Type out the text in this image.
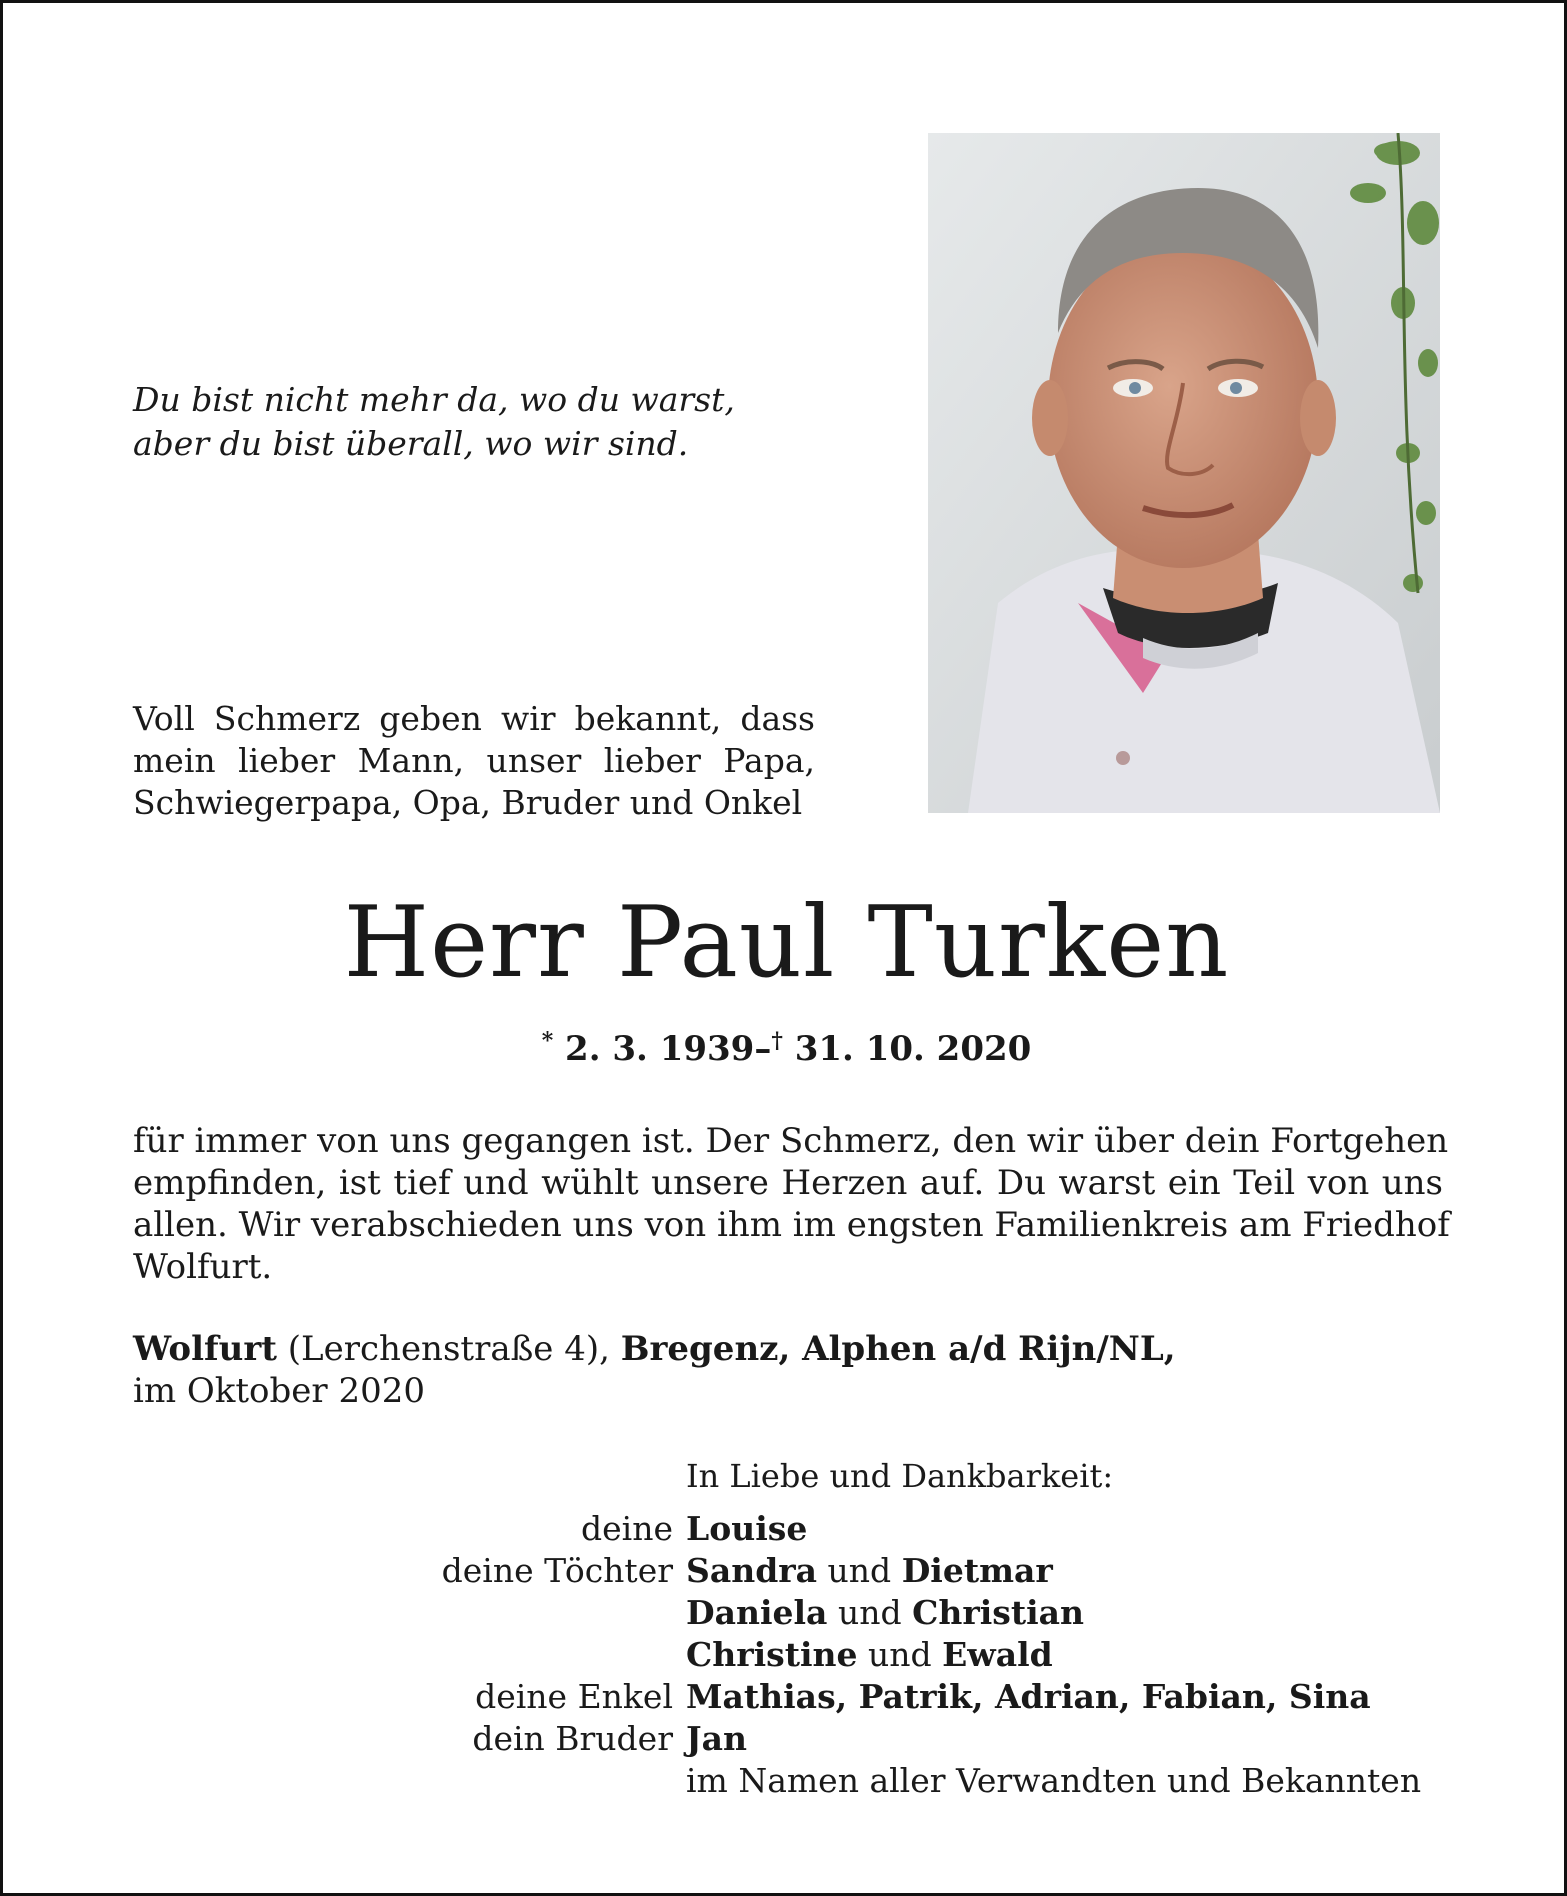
Du bist nicht mehr da, wo du warst,
aber du bist überall, wo wir sind.
Voll Schmerz geben wir bekannt, dass
mein lieber Mann, unser lieber Papa,
Schwiegerpapa, Opa, Bruder und Onkel
Herr Paul Turken
* 2. 3. 1939–† 31. 10. 2020
für immer von uns gegangen ist. Der Schmerz, den wir über dein Fortgehen
empfinden, ist tief und wühlt unsere Herzen auf. Du warst ein Teil von uns
allen. Wir verabschieden uns von ihm im engsten Familienkreis am Friedhof
Wolfurt.
Wolfurt (Lerchenstraße 4), Bregenz, Alphen a/d Rijn/NL,
im Oktober 2020
In Liebe und Dankbarkeit:
deine Louise
deine Töchter Sandra und Dietmar
Daniela und Christian
Christine und Ewald
deine Enkel Mathias, Patrik, Adrian, Fabian, Sina
dein Bruder Jan
im Namen aller Verwandten und Bekannten
